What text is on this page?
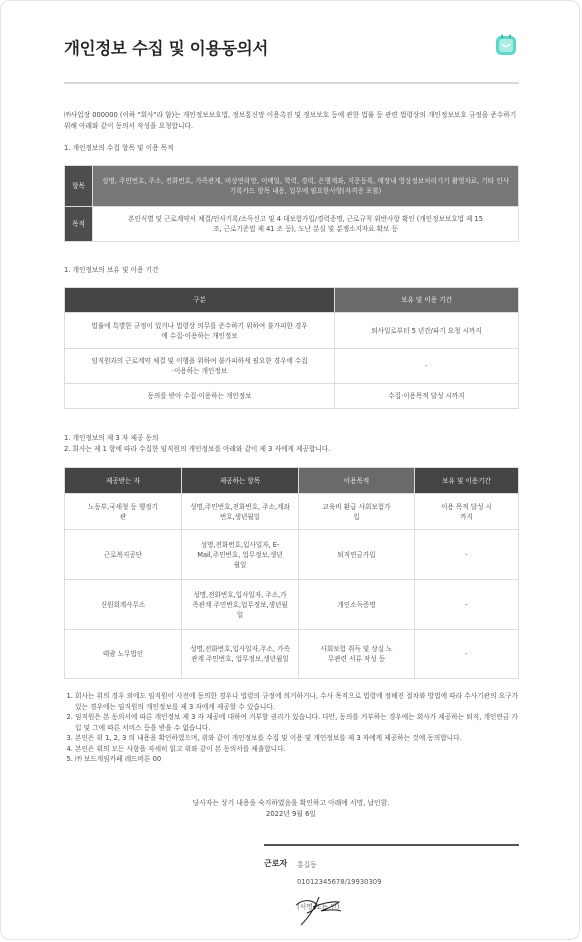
개인정보 수집 및 이용동의서
㈜사업장 000000 (이하 "회사"라 함)는 개인정보보호법, 정보통신망 이용촉진 및 정보보호 등에 관한 법률 등 관련 법령상의 개인정보보호 규정을 준수하기 위해 아래와 같이 동의서 작성을 요청합니다.
1. 개인정보의 수집 항목 및 이용 목적
항목	성명, 주민번호, 주소, 전화번호, 가족관계, 비상연락망, 이메일, 학력, 경력, 은행계좌, 지문등록, 매장내 영상정보처리기기 촬영자료, 기타 인사기록카드 항목 내용, 업무에 필요한사항(자격증 포함)
목적	본인식별 및 근로계약서 체결/인사기록/소득신고 및 4 대보험가입/경력증명, 근로규칙 위반사항 확인 (개인정보보호법 제 15 조, 근로기준법 제 41 조 등), 도난 분실 및 분쟁소지자료 확보 등
1. 개인정보의 보유 및 이용 기간
구분	보유 및 이용 기간
법률에 특별한 규정이 있거나 법령상 의무를 준수하기 위하여 불가피한 경우에 수집·이용하는 개인정보	퇴사일로부터 5 년간/파기 요청 시까지
임직원과의 근로계약 체결 및 이행을 위하여 불가피하게 필요한 경우에 수집·이용하는 개인정보	-
동의를 받아 수집·이용하는 개인정보	수집·이용목적 달성 시까지
1. 개인정보의 제 3 자 제공 동의
2. 회사는 제 1 항에 따라 수집한 임직원의 개인정보를 아래와 같이 제 3 자에게 제공합니다.
제공받는 자	제공하는 항목	이용목적	보유 및 이용기간
노동부,국세청 등 행정기관	성명,주민번호,전화번호, 주소,계좌번호,생년월일	교육비 환급 사회보험가입	이용 목적 달성 시까지
근로복지공단	성명,전화번호,입사일자, E-Mail,주민번호, 업무정보,생년월일	퇴직연금가입	-
신원회계사무소	성명,전화번호,입사일자, 주소,가족관계 주민번호,업무정보,생년월일	개인소득증명	-
태광 노무법인	성명,전화번호,입사일자,주소, 가족관계 주민번호, 업무정보,생년월일	사회보험 취득 및 상실 노무관련 서류 작성 등	-
1. 회사는 위의 경우 외에도 임직원이 사전에 동의한 경우나 법령의 규정에 의거하거나, 수사 목적으로 법령에 정해진 절차와 방법에 따라 수사기관의 요구가 있는 경우에는 임직원의 개인정보를 제 3 자에게 제공할 수 있습니다.
2. 임직원은 본 동의서에 따른 개인정보 제 3 자 제공에 대하여 거부할 권리가 있습니다. 다만, 동의를 거부하는 경우에는 회사가 제공하는 퇴직, 개인연금 가입 및 그에 따른 서비스 등을 받을 수 없습니다.
3. 본인은 위 1, 2, 3 의 내용을 확인하였으며, 위와 같이 개인정보를 수집 및 이용 및 개인정보를 제 3 자에게 제공하는 것에 동의합니다.
4. 본인은 위의 모든 사항을 자세히 읽고 위와 같이 본 동의서를 제출합니다.
5. ㈜ 보드게임카페 레드버튼 00
당사자는 상기 내용을 숙지하였음을 확인하고 아래에 서명, 날인함.
2022년 9월 6일
근로자 홍길동
01012345678/19930309
(서명 또는 인)
